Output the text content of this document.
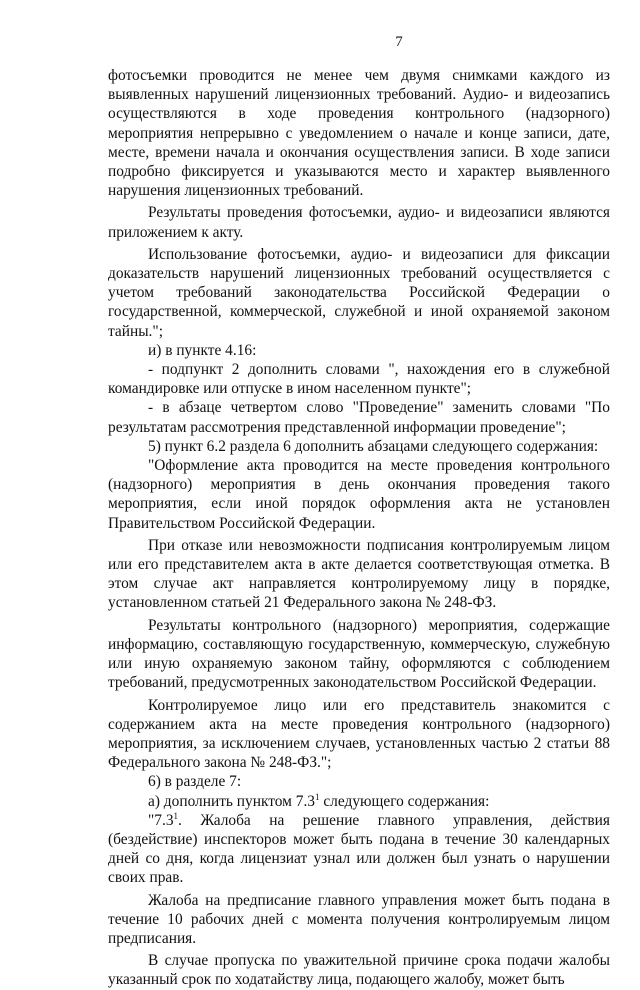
7

фотосъемки проводится не менее чем двумя снимками каждого из выявленных нарушений лицензионных требований. Аудио- и видеозапись осуществляются в ходе проведения контрольного (надзорного) мероприятия непрерывно с уведомлением о начале и конце записи, дате, месте, времени начала и окончания осуществления записи. В ходе записи подробно фиксируется и указываются место и характер выявленного нарушения лицензионных требований.

Результаты проведения фотосъемки, аудио- и видеозаписи являются приложением к акту.

Использование фотосъемки, аудио- и видеозаписи для фиксации доказательств нарушений лицензионных требований осуществляется с учетом требований законодательства Российской Федерации о государственной, коммерческой, служебной и иной охраняемой законом тайны.";

и) в пункте 4.16:

- подпункт 2 дополнить словами ", нахождения его в служебной командировке или отпуске в ином населенном пункте";

- в абзаце четвертом слово "Проведение" заменить словами "По результатам рассмотрения представленной информации проведение";

5) пункт 6.2 раздела 6 дополнить абзацами следующего содержания:

"Оформление акта проводится на месте проведения контрольного (надзорного) мероприятия в день окончания проведения такого мероприятия, если иной порядок оформления акта не установлен Правительством Российской Федерации.

При отказе или невозможности подписания контролируемым лицом или его представителем акта в акте делается соответствующая отметка. В этом случае акт направляется контролируемому лицу в порядке, установленном статьей 21 Федерального закона № 248-ФЗ.

Результаты контрольного (надзорного) мероприятия, содержащие информацию, составляющую государственную, коммерческую, служебную или иную охраняемую законом тайну, оформляются с соблюдением требований, предусмотренных законодательством Российской Федерации.

Контролируемое лицо или его представитель знакомится с содержанием акта на месте проведения контрольного (надзорного) мероприятия, за исключением случаев, установленных частью 2 статьи 88 Федерального закона № 248-ФЗ.";

6) в разделе 7:

а) дополнить пунктом $7.3^1$ следующего содержания:

"$7.3^1$. Жалоба на решение главного управления, действия (бездействие) инспекторов может быть подана в течение 30 календарных дней со дня, когда лицензиат узнал или должен был узнать о нарушении своих прав.

Жалоба на предписание главного управления может быть подана в течение 10 рабочих дней с момента получения контролируемым лицом предписания.

В случае пропуска по уважительной причине срока подачи жалобы указанный срок по ходатайству лица, подающего жалобу, может быть
